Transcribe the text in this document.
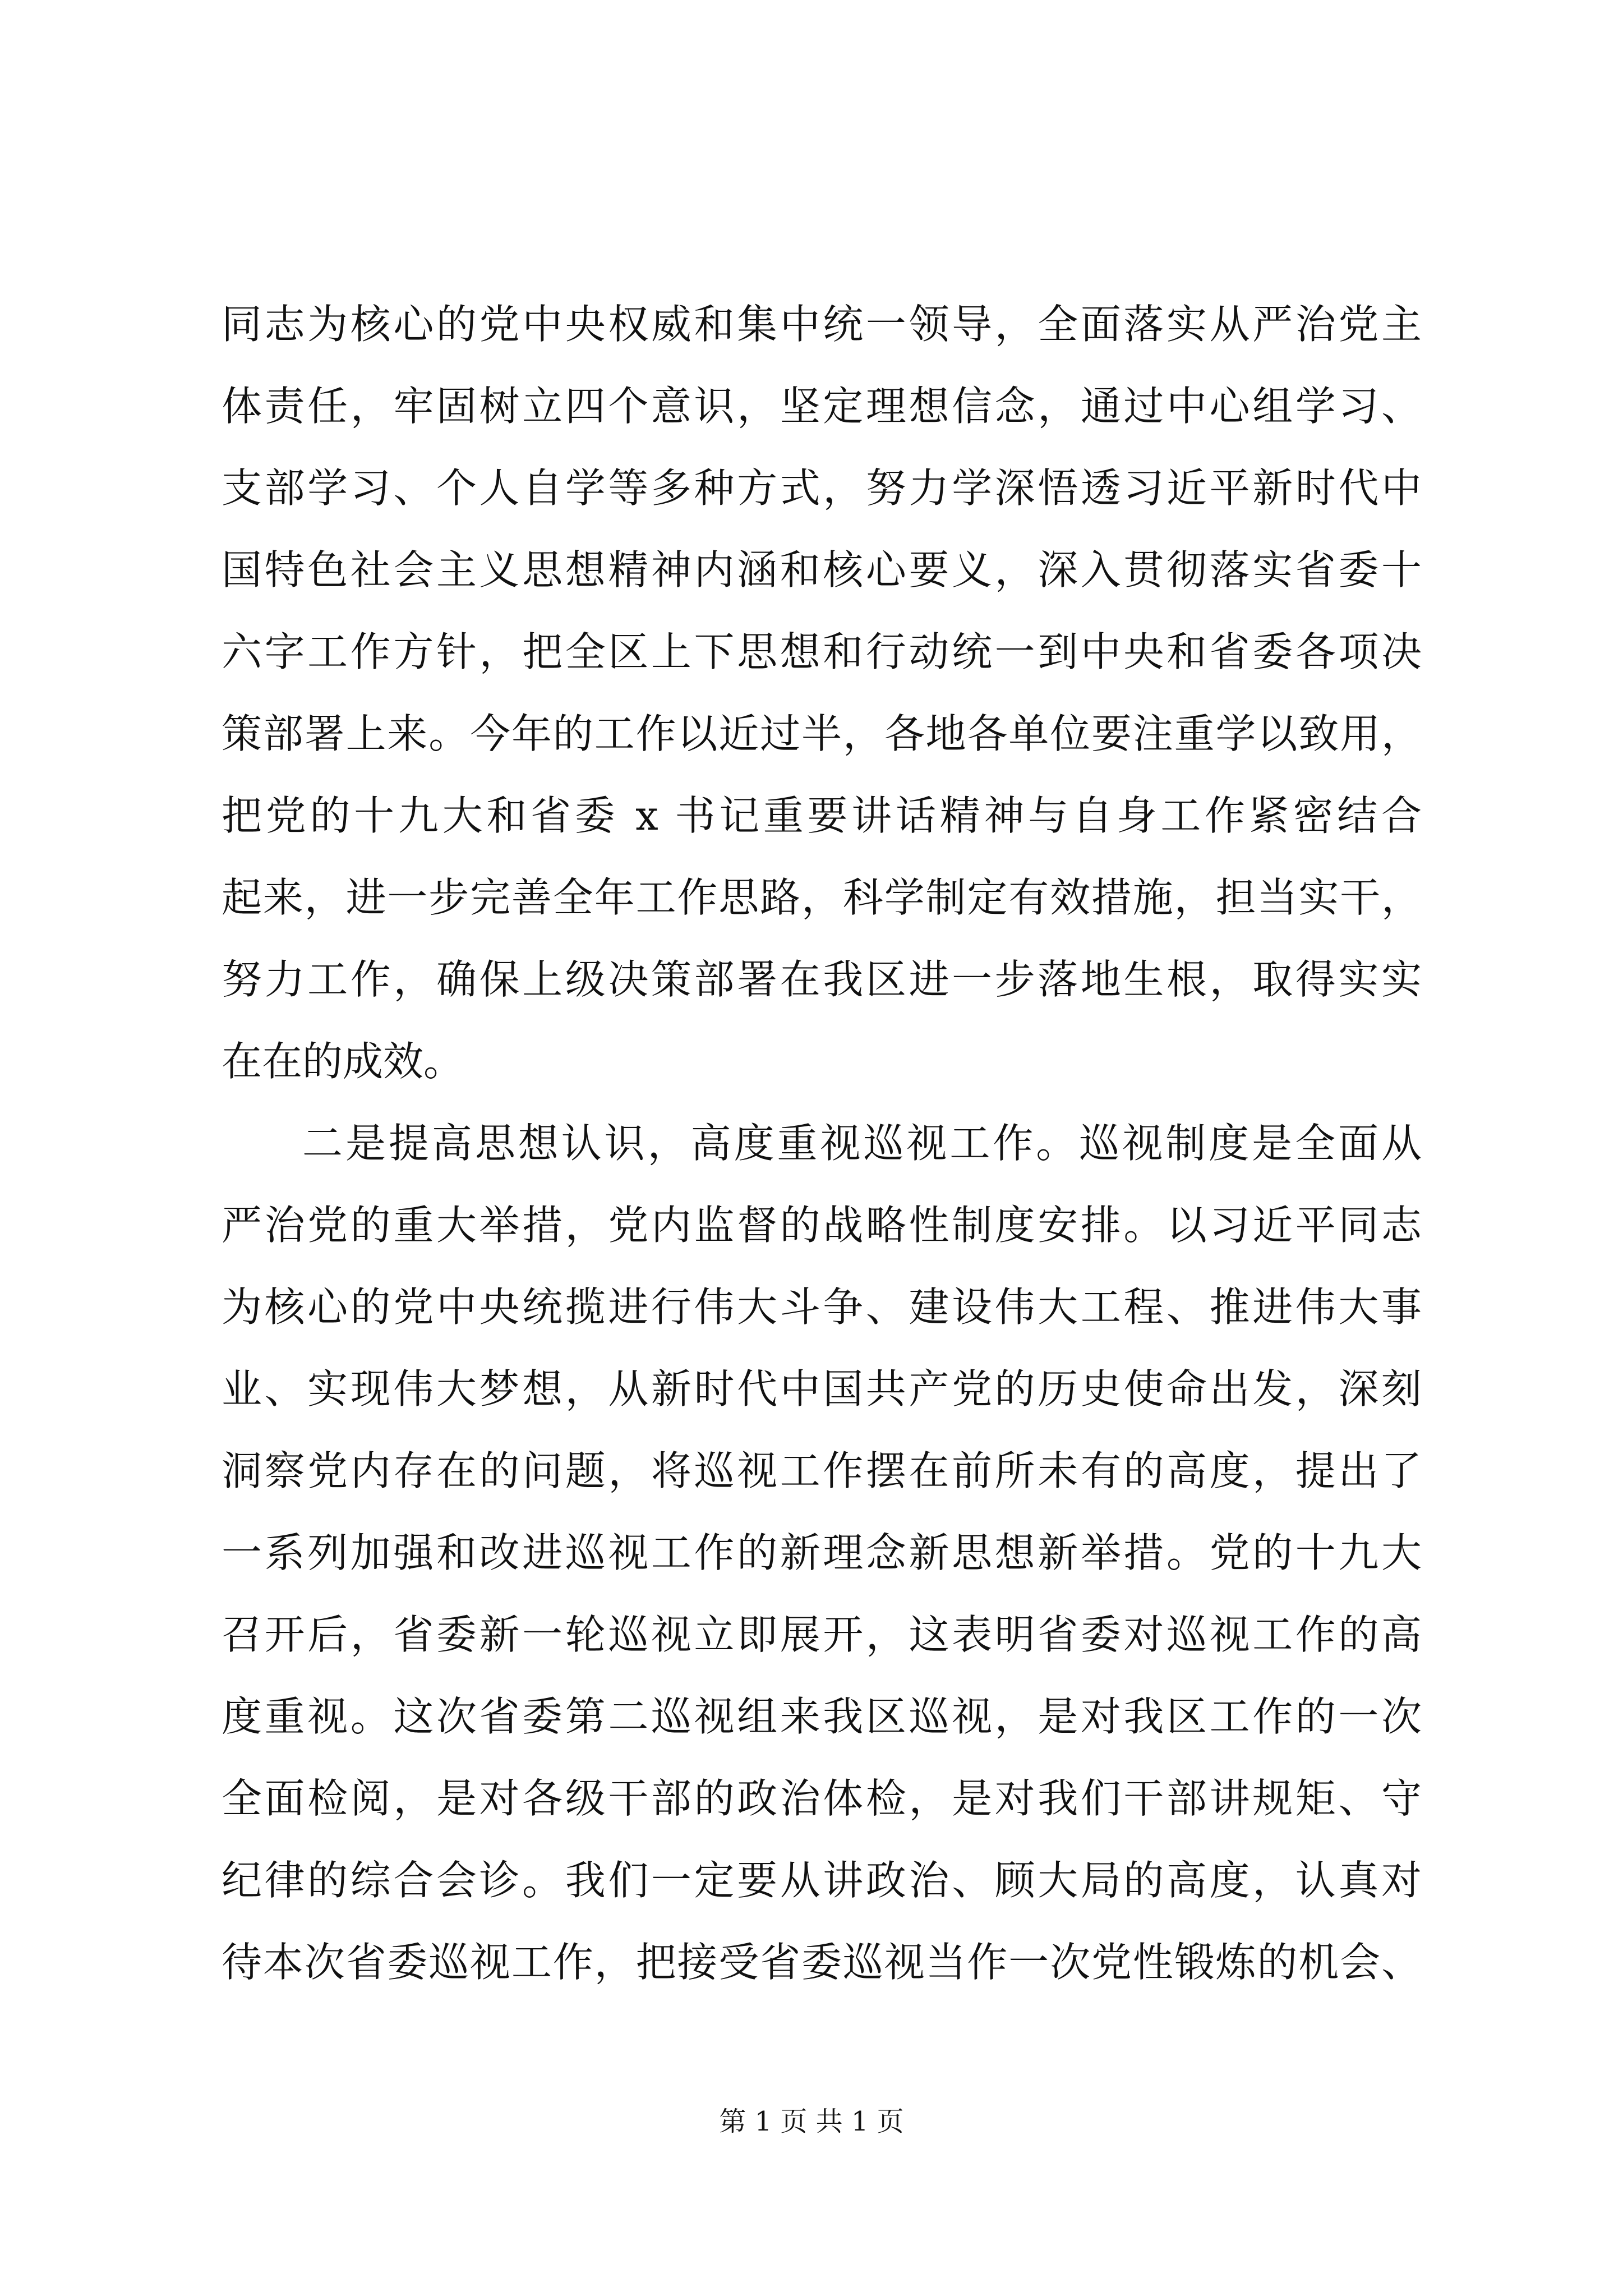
同志为核心的党中央权威和集中统一领导，全面落实从严治党主
体责任，牢固树立四个意识，坚定理想信念，通过中心组学习、
支部学习、个人自学等多种方式，努力学深悟透习近平新时代中
国特色社会主义思想精神内涵和核心要义，深入贯彻落实省委十
六字工作方针，把全区上下思想和行动统一到中央和省委各项决
策部署上来。今年的工作以近过半，各地各单位要注重学以致用，
把党的十九大和省委 x 书记重要讲话精神与自身工作紧密结合
起来，进一步完善全年工作思路，科学制定有效措施，担当实干，
努力工作，确保上级决策部署在我区进一步落地生根，取得实实
在在的成效。
二是提高思想认识，高度重视巡视工作。巡视制度是全面从
严治党的重大举措，党内监督的战略性制度安排。以习近平同志
为核心的党中央统揽进行伟大斗争、建设伟大工程、推进伟大事
业、实现伟大梦想，从新时代中国共产党的历史使命出发，深刻
洞察党内存在的问题，将巡视工作摆在前所未有的高度，提出了
一系列加强和改进巡视工作的新理念新思想新举措。党的十九大
召开后，省委新一轮巡视立即展开，这表明省委对巡视工作的高
度重视。这次省委第二巡视组来我区巡视，是对我区工作的一次
全面检阅，是对各级干部的政治体检，是对我们干部讲规矩、守
纪律的综合会诊。我们一定要从讲政治、顾大局的高度，认真对
待本次省委巡视工作，把接受省委巡视当作一次党性锻炼的机会、
第 1 页 共 1 页
